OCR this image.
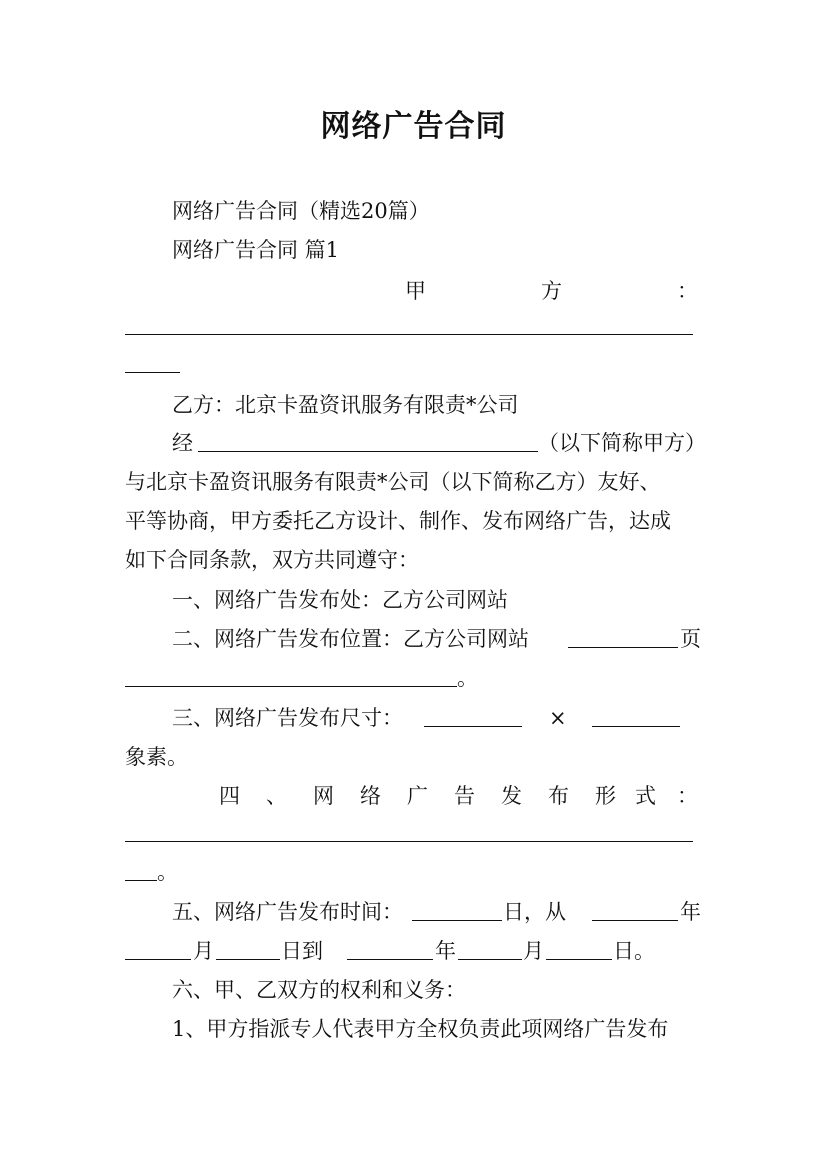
网络广告合同
网络广告合同（精选20篇）
网络广告合同 篇1
甲	方	：
乙方：北京卡盈资讯服务有限责*公司
经	（以下简称甲方）
与北京卡盈资讯服务有限责*公司（以下简称乙方）友好、
平等协商，甲方委托乙方设计、制作、发布网络广告，达成
如下合同条款，双方共同遵守：
一、网络广告发布处：乙方公司网站
二、网络广告发布位置：乙方公司网站	页
。
三、网络广告发布尺寸：	×
象素。
四 、 网 络 广 告 发 布 形 式 ：
。
五、网络广告发布时间：	日，从	年
月	日到	年	月	日。
六、甲、乙双方的权利和义务：
1、甲方指派专人代表甲方全权负责此项网络广告发布
